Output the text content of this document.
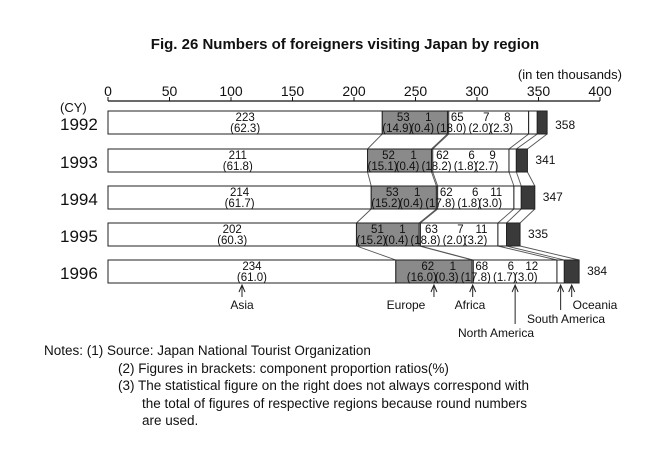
Fig. 26 Numbers of foreigners visiting Japan by region
(in ten thousands)
(CY)
0	50	100	150	200	250	300	350	400
1992	223
(62.3)
53
(14.9)
1
(0.4)
65
(18.0)
7
(2.0)
8
(2.3)	358
1993	211
(61.8)
52
(15.1)
1
(0.4)
62
(18.2)
6
(1.8)
9
(2.7)	341
1994	214
(61.7)
53
(15.2)
1
(0.4)
62
(17.8)
6
(1.8)
11
(3.0)	347
1995	202
(60.3)
51
(15.2)
1
(0.4)
63
(18.8)
7
(2.0)
11
(3.2)	335
1996	234
(61.0)
62
(16.0)
1
(0.3)
68
(17.8)
6
(1.7)
12
(3.0)	384
Asia	Europe Africa
North America
South America
Oceania
Notes: (1) Source: Japan National Tourist Organization
(2) Figures in brackets: component proportion ratios(%)
(3) The statistical figure on the right does not always correspond with
the total of figures of respective regions because round numbers
are used.
